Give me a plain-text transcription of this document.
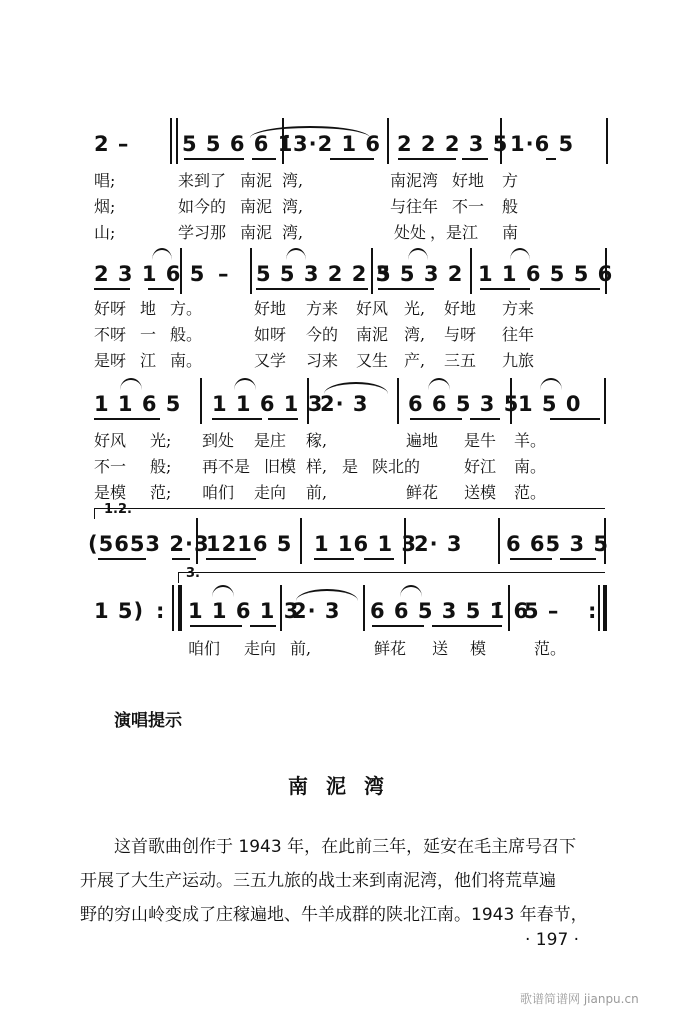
2 –	5 5 6 6 1̇ 3·2 1 6 2 2 2 3 5 1·6 5
唱;	来到了 南泥 湾,	南泥湾 好地 方
烟;	如今的 南泥 湾,	与往年 不一 般
山;	学习那 南泥 湾,	处处 ，是江 南
2 3 1 6 5 – 5 5 3 2 2 3
5 5 3 2 1 1 6 5 5 6
好呀 地 方。	好地 方来 好风 光, 好地 方来
不呀 一 般。	如呀 今的 南泥 湾, 与呀 往年
是呀 江 南。	又学 习来 又生 产, 三五 九旅
1 1 6 5 1 1 6 1 3
2· 3 6 6 5 3 5
1 5 0
好风 光; 到处 是庄 稼,	遍地 是牛 羊。
不一 般; 再不是 旧模 样, 是 陕北的	好江 南。
是模 范; 咱们 走向 前,	鲜花 送模 范。
1.2.
(5653 2·3
1216 5 1 16 1 3
2· 3 6 65 3 5
3.
1 5) : 1 1 6 1 3
2· 3 6 6 5 3 5 1̇ 6
5 – :
咱们 走向 前,	鲜花 送 模	范。
演唱提示
南泥湾

这首歌曲创作于 1943 年，在此前三年，延安在毛主席号召下

开展了大生产运动。三五九旅的战士来到南泥湾，他们将荒草遍

野的穷山岭变成了庄稼遍地、牛羊成群的陕北江南。1943 年春节，

· 197 ·
歌谱简谱网 jianpu.cn
